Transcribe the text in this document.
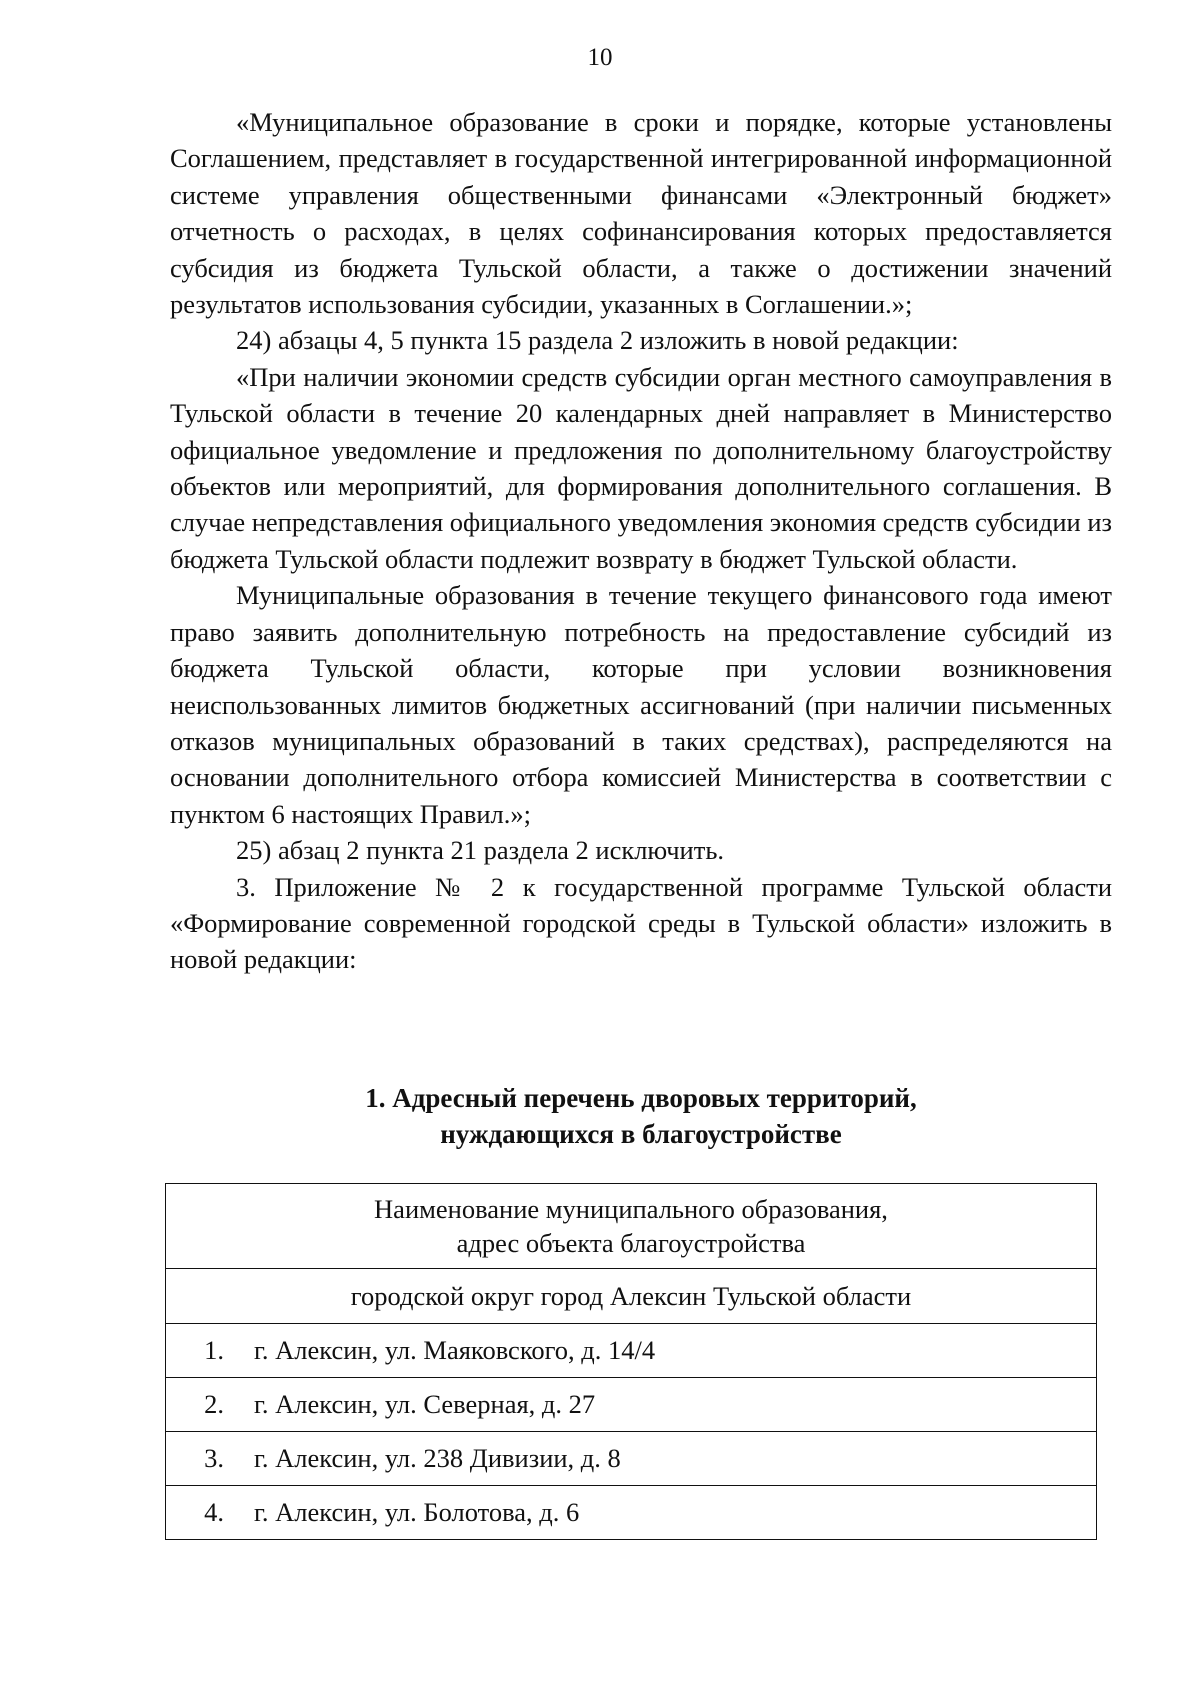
10

«Муниципальное образование в сроки и порядке, которые установлены Соглашением, представляет в государственной интегрированной информационной системе управления общественными финансами «Электронный бюджет» отчетность о расходах, в целях софинансирования которых предоставляется субсидия из бюджета Тульской области, а также о достижении значений результатов использования субсидии, указанных в Соглашении.»;

24) абзацы 4, 5 пункта 15 раздела 2 изложить в новой редакции:

«При наличии экономии средств субсидии орган местного самоуправления в Тульской области в течение 20 календарных дней направляет в Министерство официальное уведомление и предложения по дополнительному благоустройству объектов или мероприятий, для формирования дополнительного соглашения. В случае непредставления официального уведомления экономия средств субсидии из бюджета Тульской области подлежит возврату в бюджет Тульской области.

Муниципальные образования в течение текущего финансового года имеют право заявить дополнительную потребность на предоставление субсидий из бюджета Тульской области, которые при условии возникновения неиспользованных лимитов бюджетных ассигнований (при наличии письменных отказов муниципальных образований в таких средствах), распределяются на основании дополнительного отбора комиссией Министерства в соответствии с пунктом 6 настоящих Правил.»;

25) абзац 2 пункта 21 раздела 2 исключить.

3. Приложение № 2 к государственной программе Тульской области «Формирование современной городской среды в Тульской области» изложить в новой редакции:

1. Адресный перечень дворовых территорий,
нуждающихся в благоустройстве
Наименование муниципального образования,
адрес объекта благоустройства	

городской округ город Алексин Тульской области	
1.	г. Алексин, ул. Маяковского, д. 14/4
2.	г. Алексин, ул. Северная, д. 27
3.	г. Алексин, ул. 238 Дивизии, д. 8
4.	г. Алексин, ул. Болотова, д. 6
